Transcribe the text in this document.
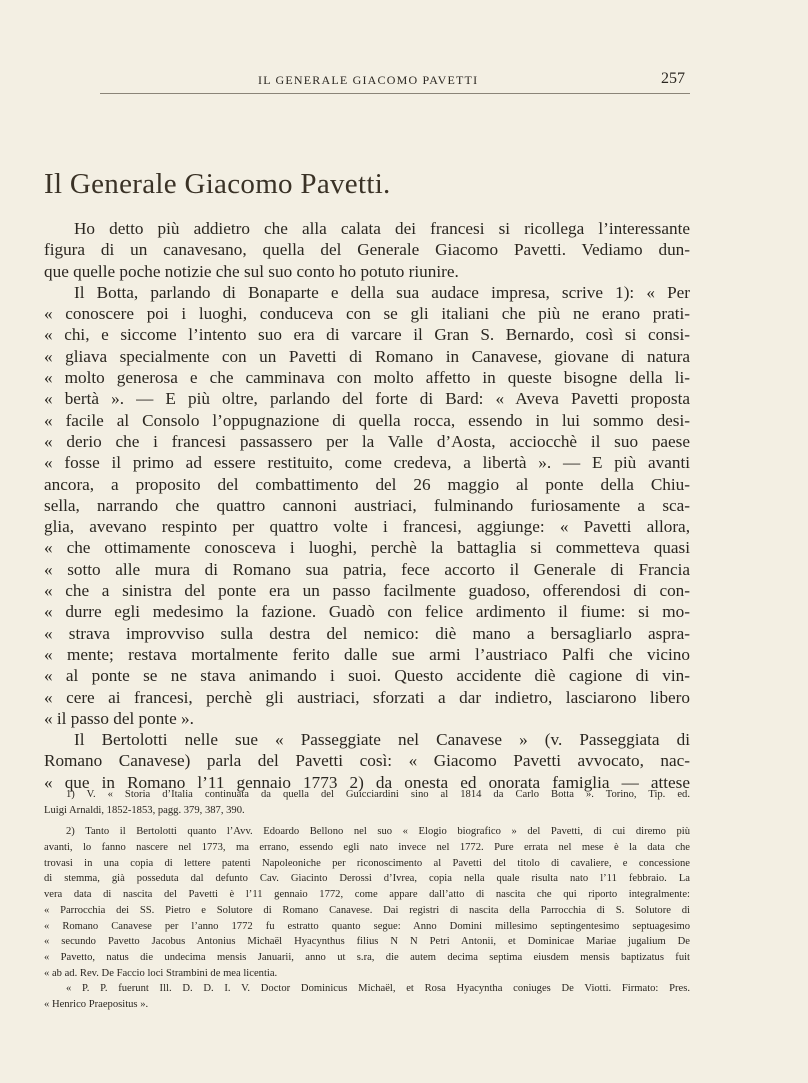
IL GENERALE GIACOMO PAVETTI	257
Il Generale Giacomo Pavetti.
Ho detto più addietro che alla calata dei francesi si ricollega l’interessante
figura di un canavesano, quella del Generale Giacomo Pavetti. Vediamo dun-
que quelle poche notizie che sul suo conto ho potuto riunire.
Il Botta, parlando di Bonaparte e della sua audace impresa, scrive 1): « Per
« conoscere poi i luoghi, conduceva con se gli italiani che più ne erano prati-
« chi, e siccome l’intento suo era di varcare il Gran S. Bernardo, così si consi-
« gliava specialmente con un Pavetti di Romano in Canavese, giovane di natura
« molto generosa e che camminava con molto affetto in queste bisogne della li-
« bertà ». — E più oltre, parlando del forte di Bard: « Aveva Pavetti proposta
« facile al Consolo l’oppugnazione di quella rocca, essendo in lui sommo desi-
« derio che i francesi passassero per la Valle d’Aosta, acciocchè il suo paese
« fosse il primo ad essere restituito, come credeva, a libertà ». — E più avanti
ancora, a proposito del combattimento del 26 maggio al ponte della Chiu-
sella, narrando che quattro cannoni austriaci, fulminando furiosamente a sca-
glia, avevano respinto per quattro volte i francesi, aggiunge: « Pavetti allora,
« che ottimamente conosceva i luoghi, perchè la battaglia si commetteva quasi
« sotto alle mura di Romano sua patria, fece accorto il Generale di Francia
« che a sinistra del ponte era un passo facilmente guadoso, offerendosi di con-
« durre egli medesimo la fazione. Guadò con felice ardimento il fiume: si mo-
« strava improvviso sulla destra del nemico: diè mano a bersagliarlo aspra-
« mente; restava mortalmente ferito dalle sue armi l’austriaco Palfi che vicino
« al ponte se ne stava animando i suoi. Questo accidente diè cagione di vin-
« cere ai francesi, perchè gli austriaci, sforzati a dar indietro, lasciarono libero
« il passo del ponte ».
Il Bertolotti nelle sue « Passeggiate nel Canavese » (v. Passeggiata di
Romano Canavese) parla del Pavetti così: « Giacomo Pavetti avvocato, nac-
« que in Romano l’11 gennaio 1773 2) da onesta ed onorata famiglia — attese
1) V. « Storia d’Italia continuata da quella del Guicciardini sino al 1814 da Carlo Botta ». Torino, Tip. ed.
Luigi Arnaldi, 1852-1853, pagg. 379, 387, 390.
2) Tanto il Bertolotti quanto l’Avv. Edoardo Bellono nel suo « Elogio biografico » del Pavetti, di cui diremo più
avanti, lo fanno nascere nel 1773, ma errano, essendo egli nato invece nel 1772. Pure errata nel mese è la data che
trovasi in una copia di lettere patenti Napoleoniche per riconoscimento al Pavetti del titolo di cavaliere, e concessione
di stemma, già posseduta dal defunto Cav. Giacinto Derossi d’Ivrea, copia nella quale risulta nato l’11 febbraio. La
vera data di nascita del Pavetti è l’11 gennaio 1772, come appare dall’atto di nascita che qui riporto integralmente:
« Parrocchia dei SS. Pietro e Solutore di Romano Canavese. Dai registri di nascita della Parrocchia di S. Solutore di
« Romano Canavese per l’anno 1772 fu estratto quanto segue: Anno Domini millesimo septingentesimo septuagesimo
« secundo Pavetto Jacobus Antonius Michaël Hyacynthus filius N N Petri Antonii, et Dominicae Mariae jugalium De
« Pavetto, natus die undecima mensis Januarii, anno ut s.ra, die autem decima septima eiusdem mensis baptizatus fuit
« ab ad. Rev. De Faccio loci Strambini de mea licentia.
« P. P. fuerunt Ill. D. D. I. V. Doctor Dominicus Michaël, et Rosa Hyacyntha coniuges De Viotti. Firmato: Pres.
« Henrico Praepositus ».
